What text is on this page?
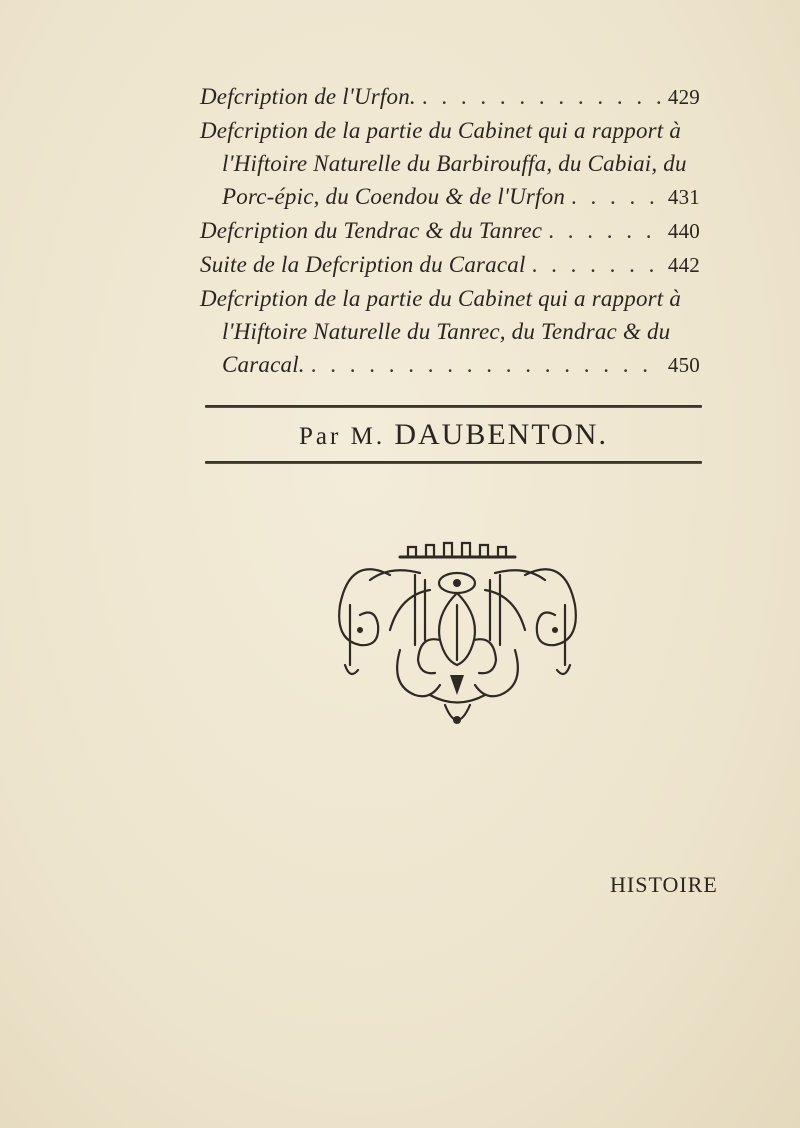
Defcription de l'Urfon. . . .	429
Defcription de la partie du Cabinet qui a rapport à
l'Hiftoire Naturelle du Barbirouffa, du Cabiai, du
Porc-épic, du Coendou & de l'Urfon . . .	431
Defcription du Tendrac & du Tanrec . . .	440
Suite de la Defcription du Caracal . . .	442
Defcription de la partie du Cabinet qui a rapport à
l'Hiftoire Naturelle du Tanrec, du Tendrac & du
Caracal. . . .	450
Par M. DAUBENTON.
HISTOIRE
